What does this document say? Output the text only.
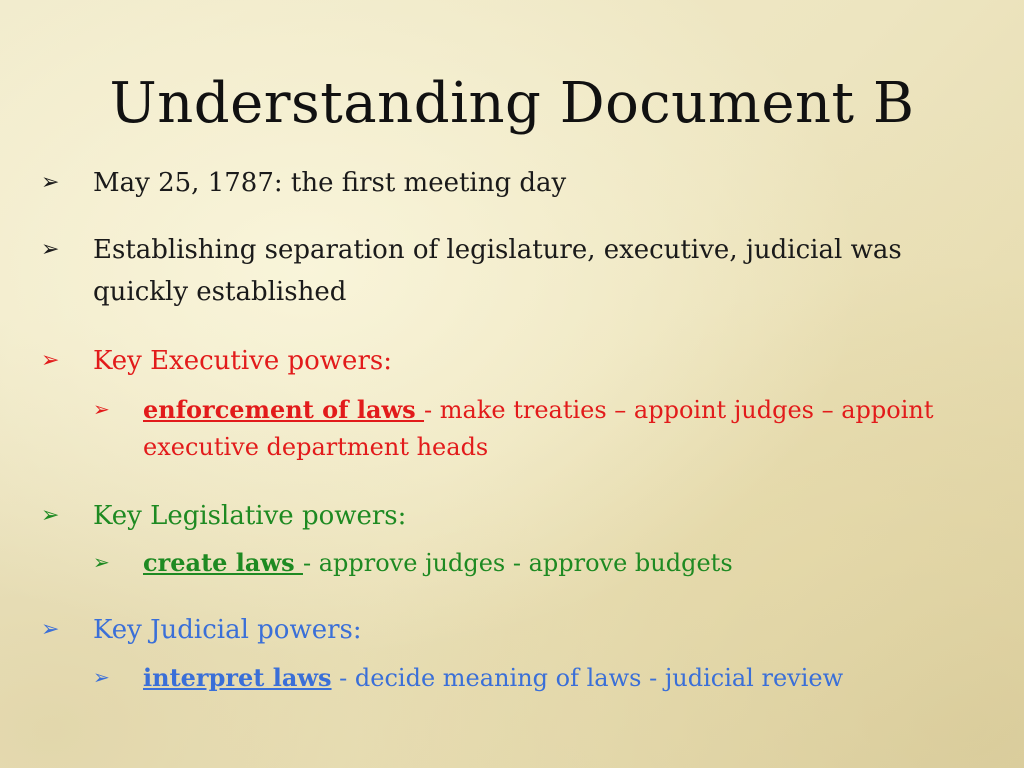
Understanding Document B
➢ May 25, 1787: the first meeting day
➢ Establishing separation of legislature, executive, judicial was quickly established
➢ Key Executive powers:
➢ enforcement of laws - make treaties – appoint judges – appoint executive department heads
➢ Key Legislative powers:
➢ create laws - approve judges - approve budgets
➢ Key Judicial powers:
➢ interpret laws - decide meaning of laws - judicial review
